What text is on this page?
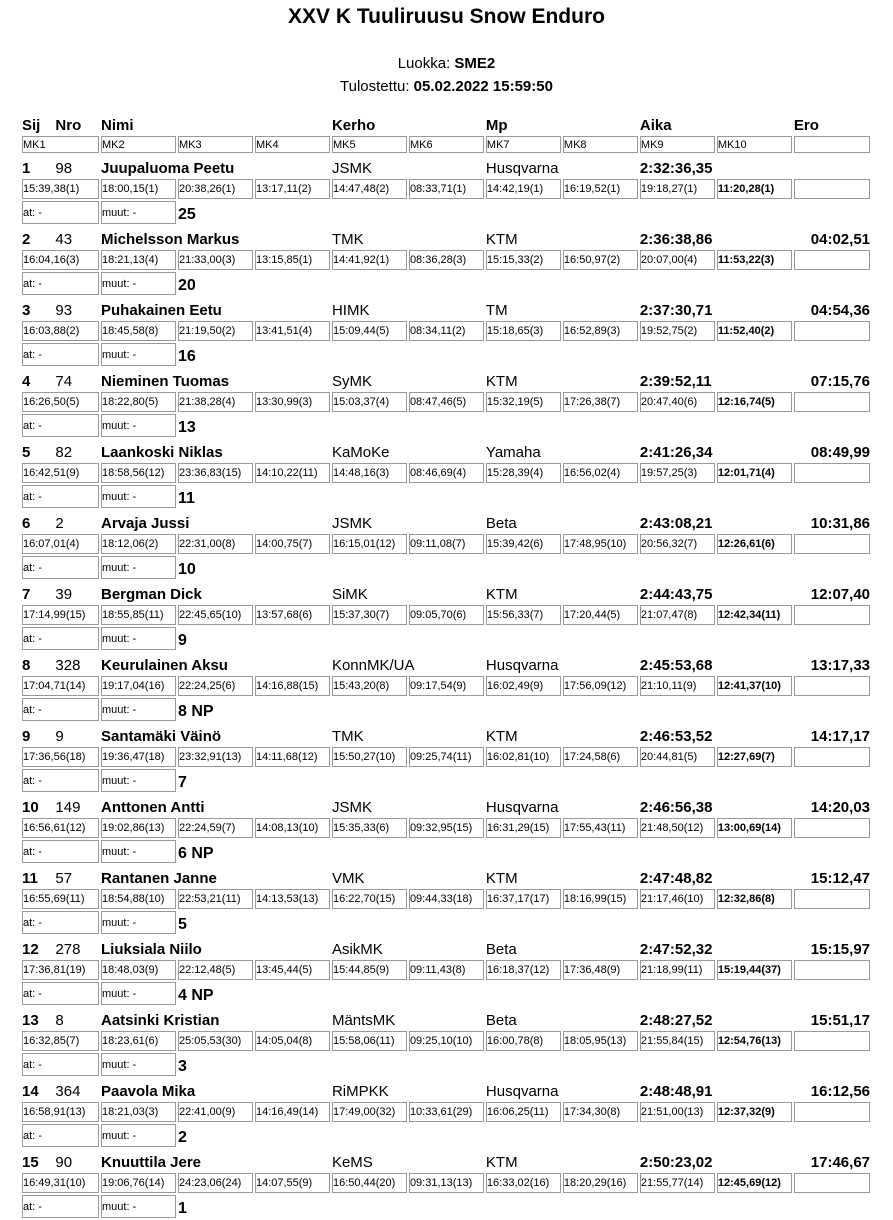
XXV K Tuuliruusu Snow Enduro
Luokka: SME2
Tulostettu: 05.02.2022 15:59:50
Sij	Nro	Nimi			Kerho		Mp		Aika		Ero
MK1		MK2	MK3	MK4	MK5	MK6	MK7	MK8	MK9	MK10	
1	98	Juupaluoma Peetu			JSMK		Husqvarna		2:32:36,35		
15:39,38(1)		18:00,15(1)	20:38,26(1)	13:17,11(2)	14:47,48(2)	08:33,71(1)	14:42,19(1)	16:19,52(1)	19:18,27(1)	11:20,28(1)	
at: -		muut: -	25								
2	43	Michelsson Markus			TMK		KTM		2:36:38,86		04:02,51
16:04,16(3)		18:21,13(4)	21:33,00(3)	13:15,85(1)	14:41,92(1)	08:36,28(3)	15:15,33(2)	16:50,97(2)	20:07,00(4)	11:53,22(3)	
at: -		muut: -	20								
3	93	Puhakainen Eetu			HIMK		TM		2:37:30,71		04:54,36
16:03,88(2)		18:45,58(8)	21:19,50(2)	13:41,51(4)	15:09,44(5)	08:34,11(2)	15:18,65(3)	16:52,89(3)	19:52,75(2)	11:52,40(2)	
at: -		muut: -	16								
4	74	Nieminen Tuomas			SyMK		KTM		2:39:52,11		07:15,76
16:26,50(5)		18:22,80(5)	21:38,28(4)	13:30,99(3)	15:03,37(4)	08:47,46(5)	15:32,19(5)	17:26,38(7)	20:47,40(6)	12:16,74(5)	
at: -		muut: -	13								
5	82	Laankoski Niklas			KaMoKe		Yamaha		2:41:26,34		08:49,99
16:42,51(9)		18:58,56(12)	23:36,83(15)	14:10,22(11)	14:48,16(3)	08:46,69(4)	15:28,39(4)	16:56,02(4)	19:57,25(3)	12:01,71(4)	
at: -		muut: -	11								
6	2	Arvaja Jussi			JSMK		Beta		2:43:08,21		10:31,86
16:07,01(4)		18:12,06(2)	22:31,00(8)	14:00,75(7)	16:15,01(12)	09:11,08(7)	15:39,42(6)	17:48,95(10)	20:56,32(7)	12:26,61(6)	
at: -		muut: -	10								
7	39	Bergman Dick			SiMK		KTM		2:44:43,75		12:07,40
17:14,99(15)		18:55,85(11)	22:45,65(10)	13:57,68(6)	15:37,30(7)	09:05,70(6)	15:56,33(7)	17:20,44(5)	21:07,47(8)	12:42,34(11)	
at: -		muut: -	9								
8	328	Keurulainen Aksu			KonnMK/UA		Husqvarna		2:45:53,68		13:17,33
17:04,71(14)		19:17,04(16)	22:24,25(6)	14:16,88(15)	15:43,20(8)	09:17,54(9)	16:02,49(9)	17:56,09(12)	21:10,11(9)	12:41,37(10)	
at: -		muut: -	8 NP								
9	9	Santamäki Väinö			TMK		KTM		2:46:53,52		14:17,17
17:36,56(18)		19:36,47(18)	23:32,91(13)	14:11,68(12)	15:50,27(10)	09:25,74(11)	16:02,81(10)	17:24,58(6)	20:44,81(5)	12:27,69(7)	
at: -		muut: -	7								
10	149	Anttonen Antti			JSMK		Husqvarna		2:46:56,38		14:20,03
16:56,61(12)		19:02,86(13)	22:24,59(7)	14:08,13(10)	15:35,33(6)	09:32,95(15)	16:31,29(15)	17:55,43(11)	21:48,50(12)	13:00,69(14)	
at: -		muut: -	6 NP								
11	57	Rantanen Janne			VMK		KTM		2:47:48,82		15:12,47
16:55,69(11)		18:54,88(10)	22:53,21(11)	14:13,53(13)	16:22,70(15)	09:44,33(18)	16:37,17(17)	18:16,99(15)	21:17,46(10)	12:32,86(8)	
at: -		muut: -	5								
12	278	Liuksiala Niilo			AsikMK		Beta		2:47:52,32		15:15,97
17:36,81(19)		18:48,03(9)	22:12,48(5)	13:45,44(5)	15:44,85(9)	09:11,43(8)	16:18,37(12)	17:36,48(9)	21:18,99(11)	15:19,44(37)	
at: -		muut: -	4 NP								
13	8	Aatsinki Kristian			MäntsMK		Beta		2:48:27,52		15:51,17
16:32,85(7)		18:23,61(6)	25:05,53(30)	14:05,04(8)	15:58,06(11)	09:25,10(10)	16:00,78(8)	18:05,95(13)	21:55,84(15)	12:54,76(13)	
at: -		muut: -	3								
14	364	Paavola Mika			RiMPKK		Husqvarna		2:48:48,91		16:12,56
16:58,91(13)		18:21,03(3)	22:41,00(9)	14:16,49(14)	17:49,00(32)	10:33,61(29)	16:06,25(11)	17:34,30(8)	21:51,00(13)	12:37,32(9)	
at: -		muut: -	2								
15	90	Knuuttila Jere			KeMS		KTM		2:50:23,02		17:46,67
16:49,31(10)		19:06,76(14)	24:23,06(24)	14:07,55(9)	16:50,44(20)	09:31,13(13)	16:33,02(16)	18:20,29(16)	21:55,77(14)	12:45,69(12)	
at: -		muut: -	1								
